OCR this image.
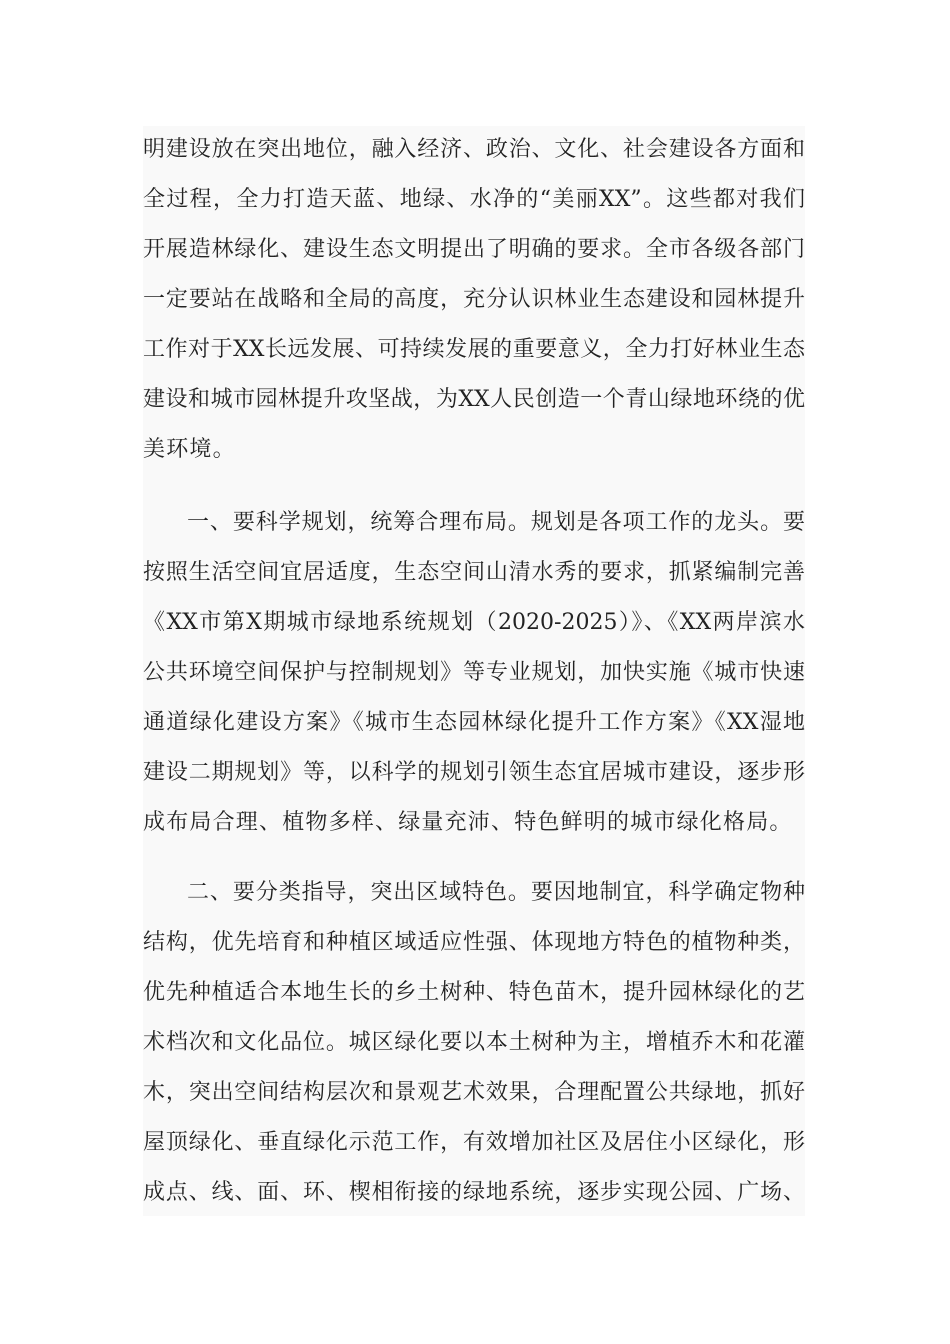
明建设放在突出地位，融入经济、政治、文化、社会建设各方面和
全过程，全力打造天蓝、地绿、水净的“美丽XX”。这些都对我们
开展造林绿化、建设生态文明提出了明确的要求。全市各级各部门
一定要站在战略和全局的高度，充分认识林业生态建设和园林提升
工作对于XX长远发展、可持续发展的重要意义，全力打好林业生态
建设和城市园林提升攻坚战，为XX人民创造一个青山绿地环绕的优
美环境。
一、要科学规划，统筹合理布局。规划是各项工作的龙头。要
按照生活空间宜居适度，生态空间山清水秀的要求，抓紧编制完善
《XX市第X期城市绿地系统规划（2020-2025）》、《XX两岸滨水
公共环境空间保护与控制规划》等专业规划，加快实施《城市快速
通道绿化建设方案》《城市生态园林绿化提升工作方案》《XX湿地
建设二期规划》等，以科学的规划引领生态宜居城市建设，逐步形
成布局合理、植物多样、绿量充沛、特色鲜明的城市绿化格局。
二、要分类指导，突出区域特色。要因地制宜，科学确定物种
结构，优先培育和种植区域适应性强、体现地方特色的植物种类，
优先种植适合本地生长的乡土树种、特色苗木，提升园林绿化的艺
术档次和文化品位。城区绿化要以本土树种为主，增植乔木和花灌
木，突出空间结构层次和景观艺术效果，合理配置公共绿地，抓好
屋顶绿化、垂直绿化示范工作，有效增加社区及居住小区绿化，形
成点、线、面、环、楔相衔接的绿地系统，逐步实现公园、广场、
